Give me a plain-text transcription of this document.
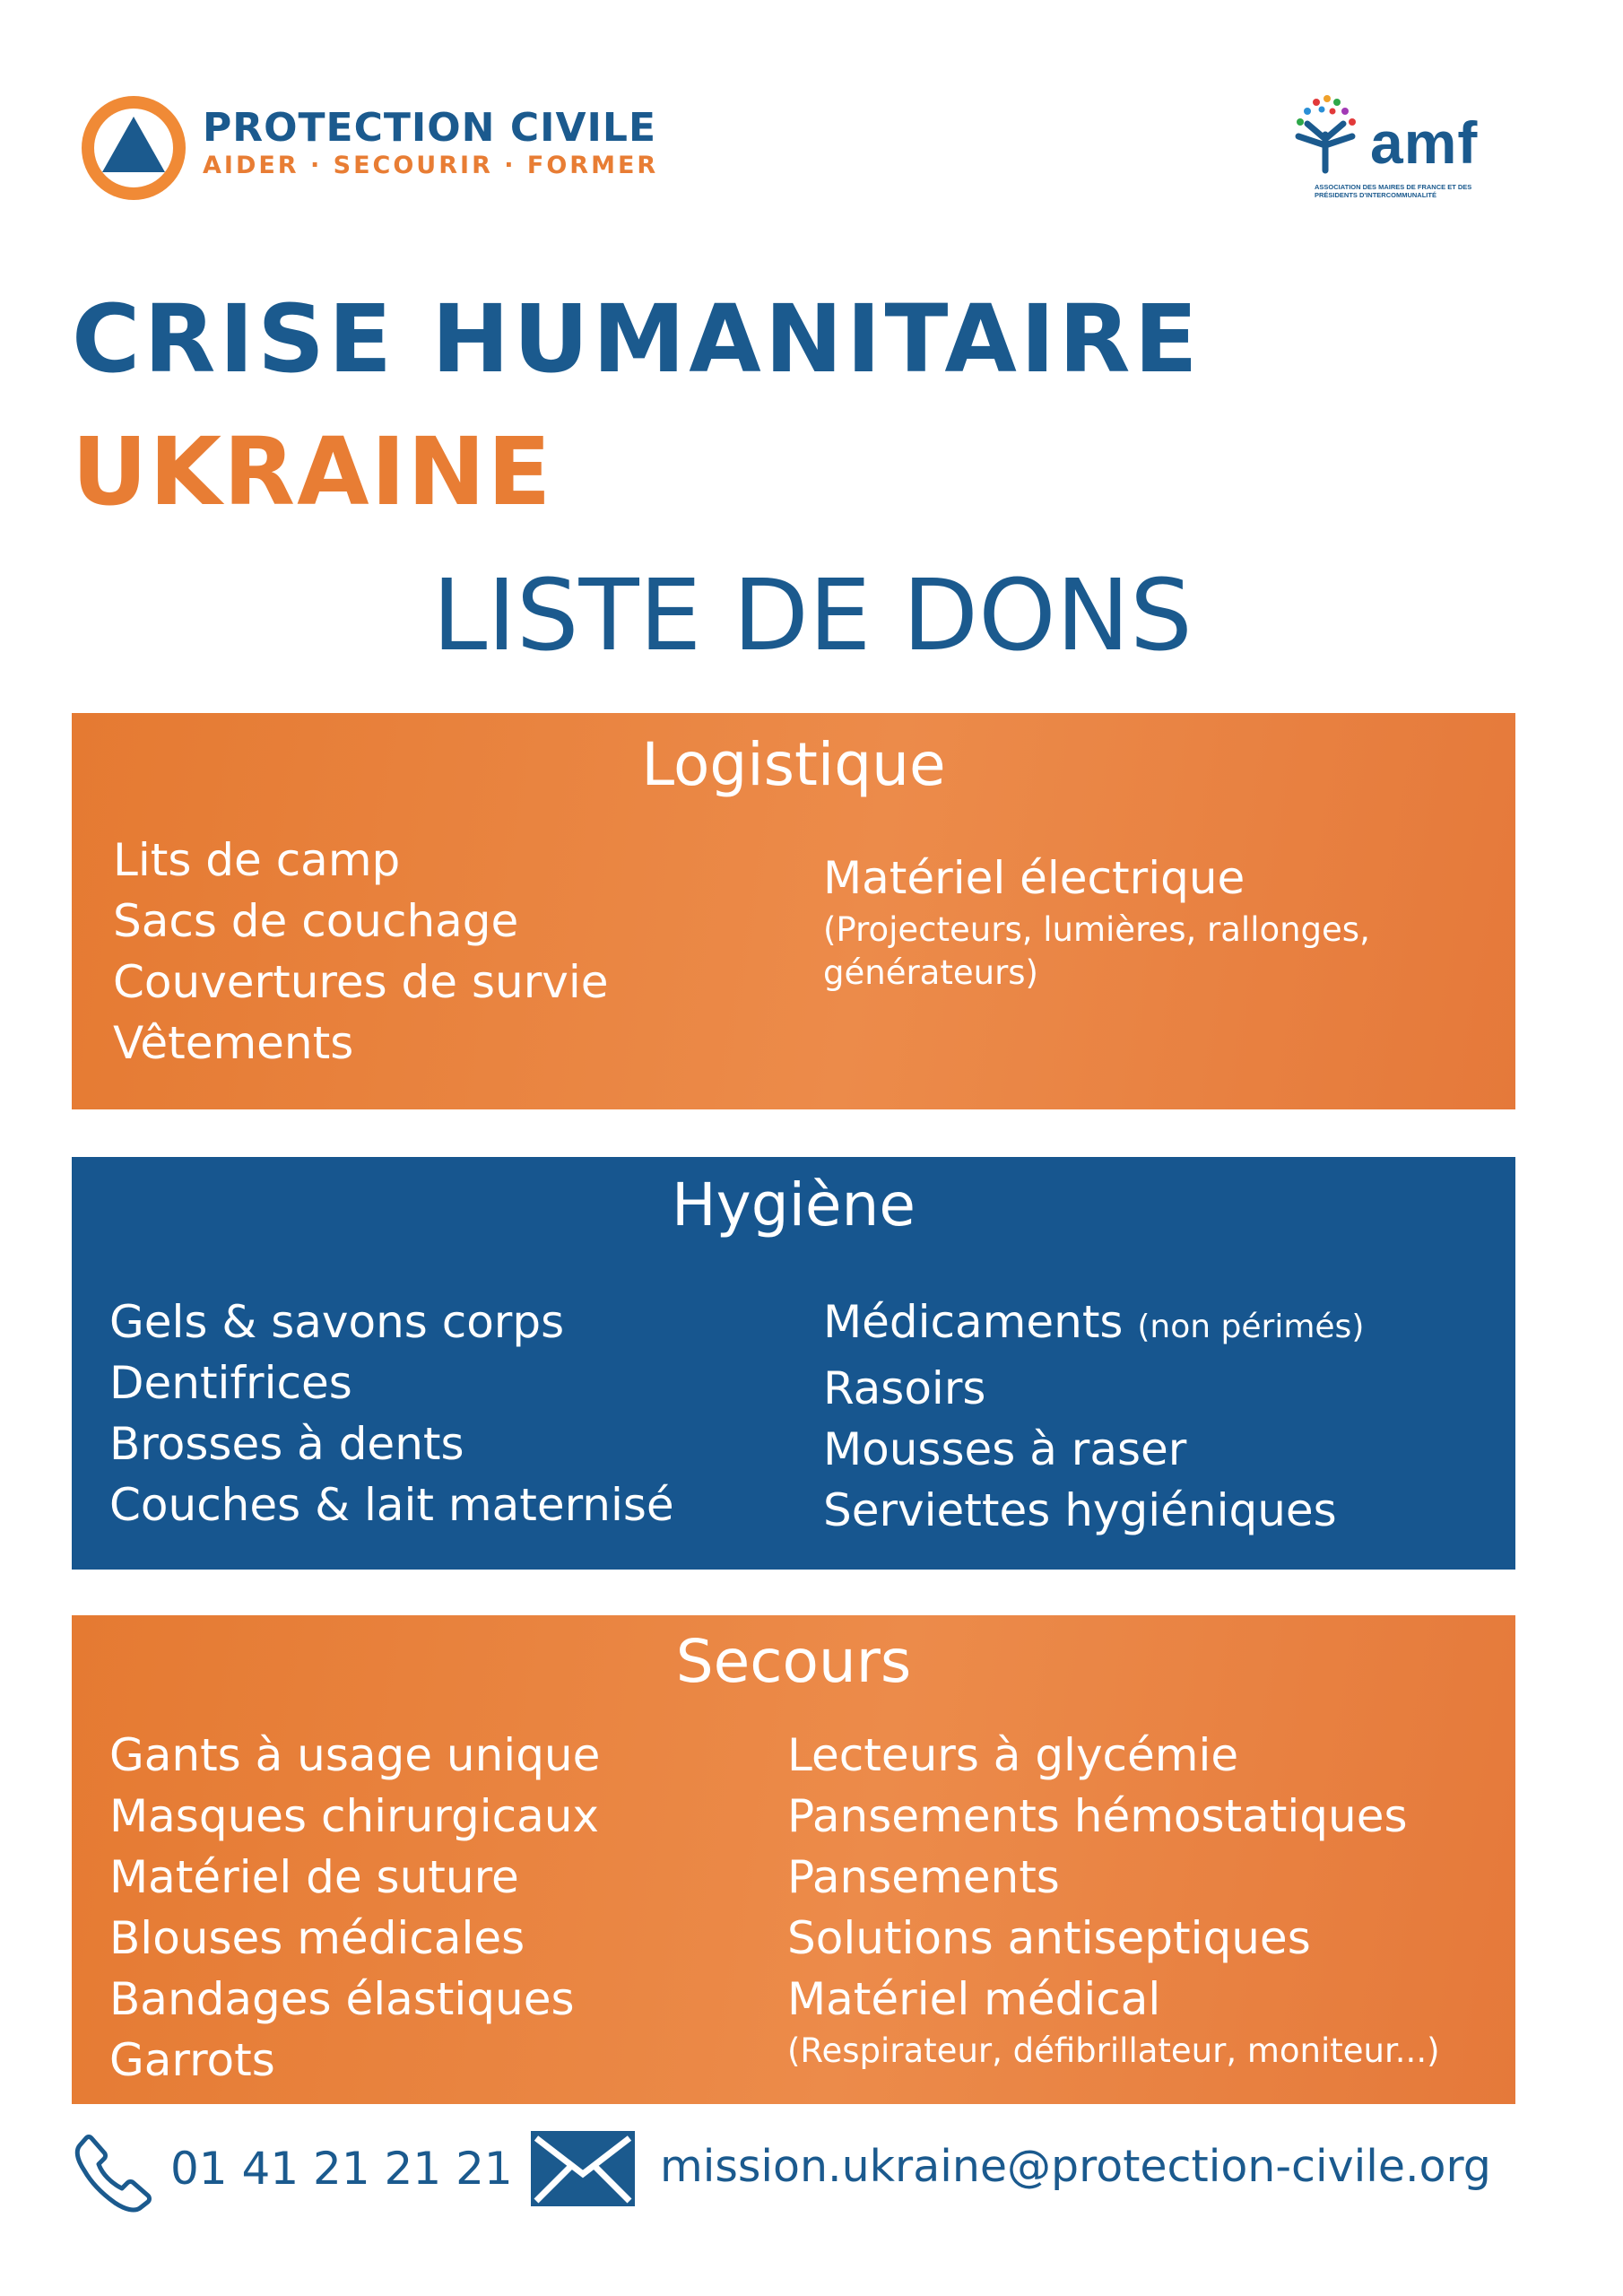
PROTECTION CIVILE
AIDER · SECOURIR · FORMER	amf
ASSOCIATION DES MAIRES DE FRANCE ET DES PRÉSIDENTS D'INTERCOMMUNALITÉ
CRISE HUMANITAIRE
UKRAINE
LISTE DE DONS
Logistique
Lits de camp
Sacs de couchage
Couvertures de survie
Vêtements
Matériel électrique
(Projecteurs, lumières, rallonges,
générateurs)
Hygiène
Gels & savons corps
Dentifrices
Brosses à dents
Couches & lait maternisé
Médicaments (non périmés)
Rasoirs
Mousses à raser
Serviettes hygiéniques
Secours
Gants à usage unique
Masques chirurgicaux
Matériel de suture
Blouses médicales
Bandages élastiques
Garrots
Lecteurs à glycémie
Pansements hémostatiques
Pansements
Solutions antiseptiques
Matériel médical
(Respirateur, défibrillateur, moniteur...)
01 41 21 21 21	mission.ukraine@protection-civile.org
